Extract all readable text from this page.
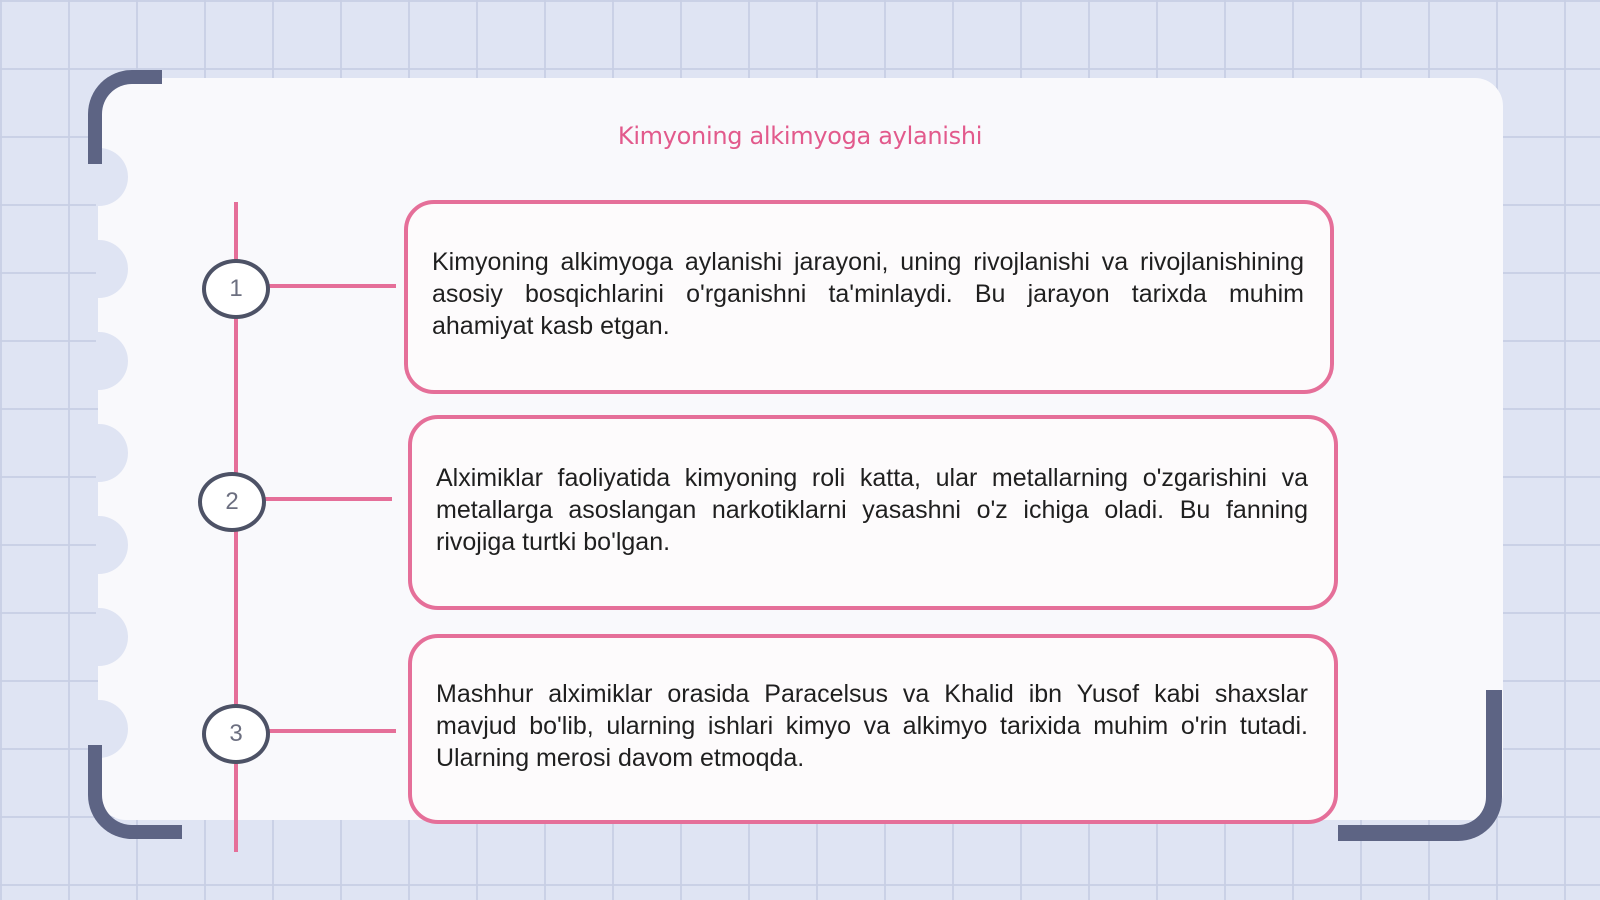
Kimyoning alkimyoga aylanishi
1
2
3

Kimyoning alkimyoga aylanishi jarayoni, uning rivojlanishi va rivojlanishining asosiy bosqichlarini o'rganishni ta'minlaydi. Bu jarayon tarixda muhim ahamiyat kasb etgan.

Alximiklar faoliyatida kimyoning roli katta, ular metallarning o'zgarishini va metallarga asoslangan narkotiklarni yasashni o'z ichiga oladi. Bu fanning rivojiga turtki bo'lgan.

Mashhur alximiklar orasida Paracelsus va Khalid ibn Yusof kabi shaxslar mavjud bo'lib, ularning ishlari kimyo va alkimyo tarixida muhim o'rin tutadi. Ularning merosi davom etmoqda.
